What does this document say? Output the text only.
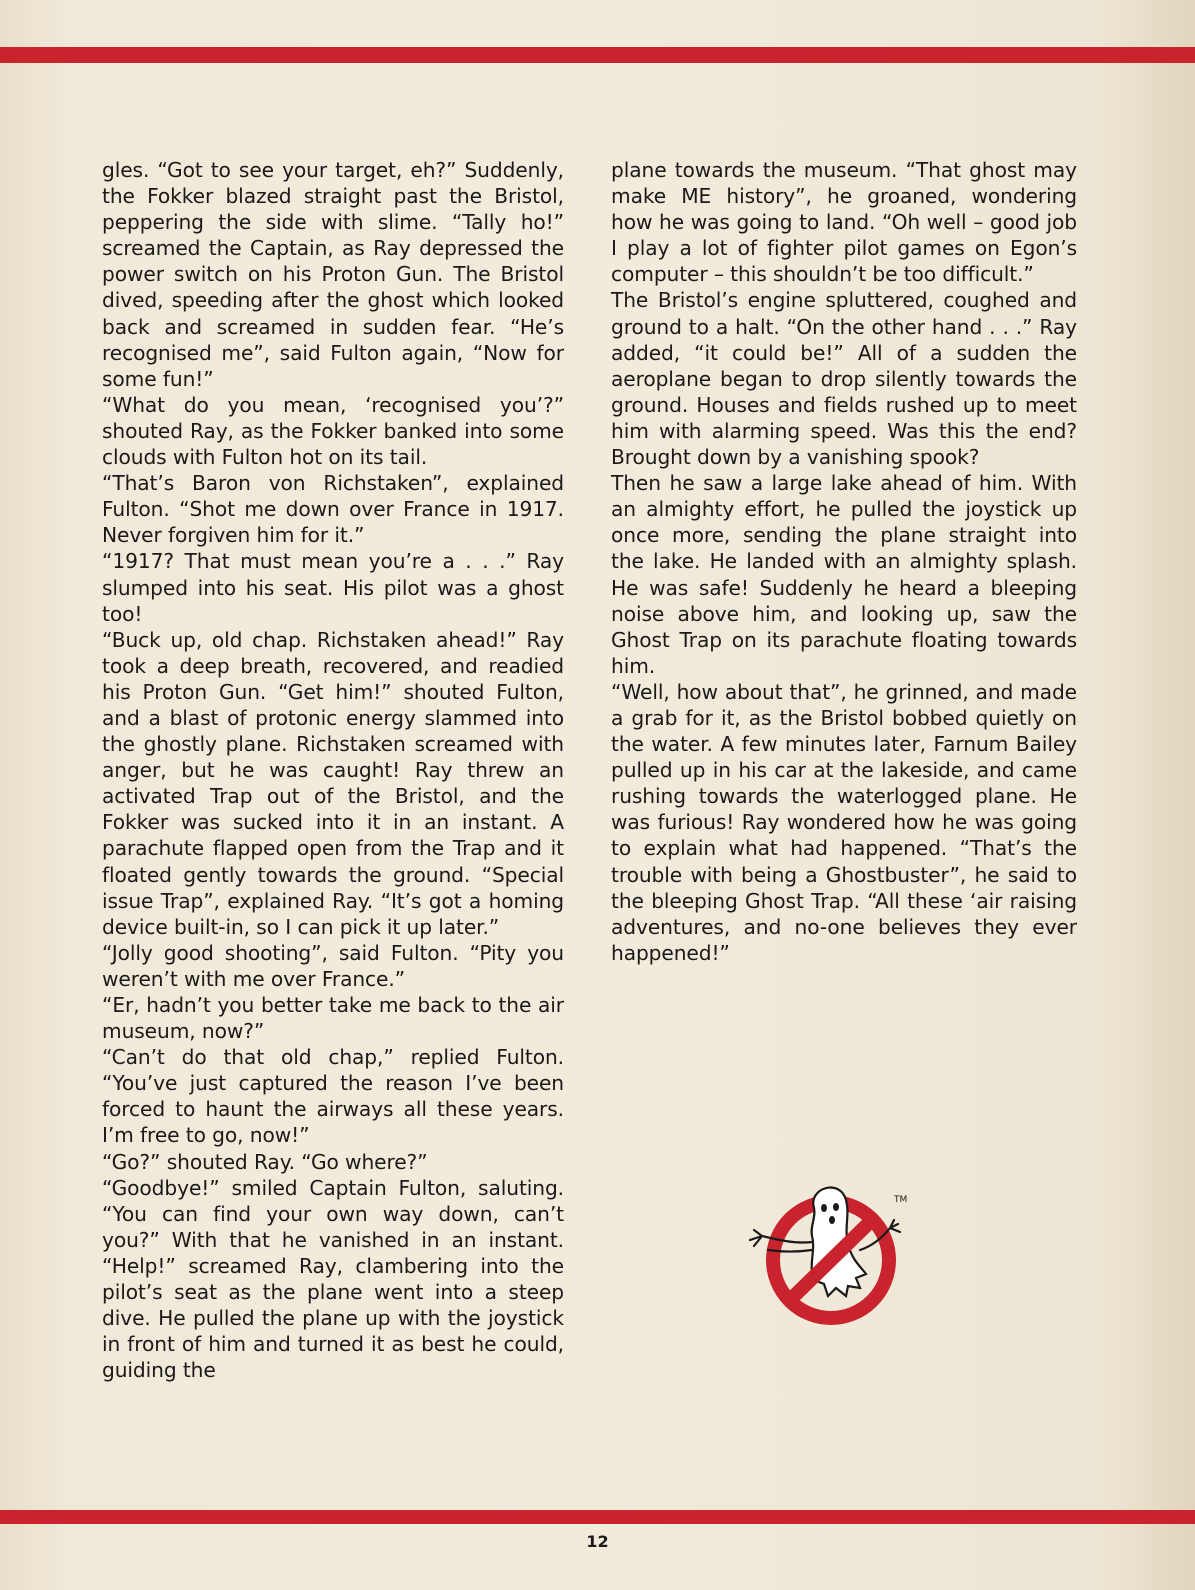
gles. “Got to see your target, eh?” Suddenly, the Fokker blazed straight past the Bristol, peppering the side with slime. “Tally ho!” screamed the Captain, as Ray depressed the power switch on his Proton Gun. The Bristol dived, speeding after the ghost which looked back and screamed in sudden fear. “He’s recognised me”, said Fulton again, “Now for some fun!”

“What do you mean, ‘recognised you’?” shouted Ray, as the Fokker banked into some clouds with Fulton hot on its tail.

“That’s Baron von Richstaken”, explained Fulton. “Shot me down over France in 1917. Never forgiven him for it.”

“1917? That must mean you’re a . . .” Ray slumped into his seat. His pilot was a ghost too!

“Buck up, old chap. Richstaken ahead!” Ray took a deep breath, recovered, and readied his Proton Gun. “Get him!” shouted Fulton, and a blast of protonic energy slammed into the ghostly plane. Richstaken screamed with anger, but he was caught! Ray threw an activated Trap out of the Bristol, and the Fokker was sucked into it in an instant. A parachute flapped open from the Trap and it floated gently towards the ground. “Special issue Trap”, explained Ray. “It’s got a homing device built-in, so I can pick it up later.”

“Jolly good shooting”, said Fulton. “Pity you weren’t with me over France.”

“Er, hadn’t you better take me back to the air museum, now?”

“Can’t do that old chap,” replied Fulton. “You’ve just captured the reason I’ve been forced to haunt the airways all these years. I’m free to go, now!”

“Go?” shouted Ray. “Go where?”

“Goodbye!” smiled Captain Fulton, saluting. “You can find your own way down, can’t you?” With that he vanished in an instant. “Help!” screamed Ray, clambering into the pilot’s seat as the plane went into a steep dive. He pulled the plane up with the joystick in front of him and turned it as best he could, guiding the

plane towards the museum. “That ghost may make ME history”, he groaned, wondering how he was going to land. “Oh well – good job I play a lot of fighter pilot games on Egon’s computer – this shouldn’t be too difficult.”

The Bristol’s engine spluttered, coughed and ground to a halt. “On the other hand . . .” Ray added, “it could be!” All of a sudden the aeroplane began to drop silently towards the ground. Houses and fields rushed up to meet him with alarming speed. Was this the end? Brought down by a vanishing spook?

Then he saw a large lake ahead of him. With an almighty effort, he pulled the joystick up once more, sending the plane straight into the lake. He landed with an almighty splash. He was safe! Suddenly he heard a bleeping noise above him, and looking up, saw the Ghost Trap on its parachute floating towards him.

“Well, how about that”, he grinned, and made a grab for it, as the Bristol bobbed quietly on the water. A few minutes later, Farnum Bailey pulled up in his car at the lakeside, and came rushing towards the waterlogged plane. He was furious! Ray wondered how he was going to explain what had happened. “That’s the trouble with being a Ghostbuster”, he said to the bleeping Ghost Trap. “All these ‘air raising adventures, and no-one believes they ever happened!”

TM
12
